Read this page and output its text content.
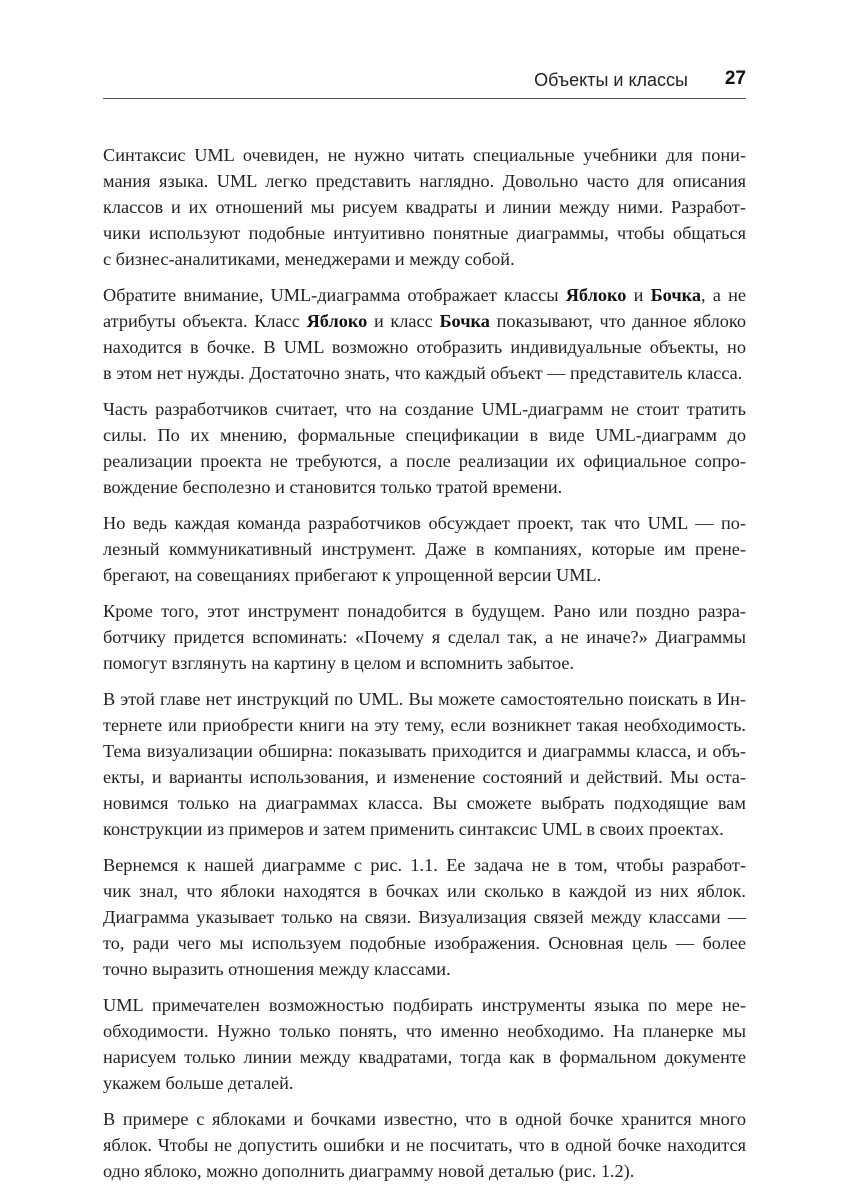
Объекты и классы 27
Синтаксис UML очевиден, не нужно читать специальные учебники для пони-
мания языка. UML легко представить наглядно. Довольно часто для описания
классов и их отношений мы рисуем квадраты и линии между ними. Разработ-
чики используют подобные интуитивно понятные диаграммы, чтобы общаться
с бизнес-аналитиками, менеджерами и между собой.
Обратите внимание, UML-диаграмма отображает классы Яблоко и Бочка, а не
атрибуты объекта. Класс Яблоко и класс Бочка показывают, что данное яблоко
находится в бочке. В UML возможно отобразить индивидуальные объекты, но
в этом нет нужды. Достаточно знать, что каждый объект — представитель класса.
Часть разработчиков считает, что на создание UML-диаграмм не стоит тратить
силы. По их мнению, формальные спецификации в виде UML-диаграмм до
реализации проекта не требуются, а после реализации их официальное сопро-
вождение бесполезно и становится только тратой времени.
Но ведь каждая команда разработчиков обсуждает проект, так что UML — по-
лезный коммуникативный инструмент. Даже в компаниях, которые им пренe-
брегают, на совещаниях прибегают к упрощенной версии UML.
Кроме того, этот инструмент понадобится в будущем. Рано или поздно разра-
ботчику придется вспоминать: «Почему я сделал так, а не иначе?» Диаграммы
помогут взглянуть на картину в целом и вспомнить забытое.
В этой главе нет инструкций по UML. Вы можете самостоятельно поискать в Ин-
тернете или приобрести книги на эту тему, если возникнет такая необходимость.
Тема визуализации обширна: показывать приходится и диаграммы класса, и объ-
екты, и варианты использования, и изменение состояний и действий. Мы оста-
новимся только на диаграммах класса. Вы сможете выбрать подходящие вам
конструкции из примеров и затем применить синтаксис UML в своих проектах.
Вернемся к нашей диаграмме с рис. 1.1. Ее задача не в том, чтобы разработ-
чик знал, что яблоки находятся в бочках или сколько в каждой из них яблок.
Диаграмма указывает только на связи. Визуализация связей между классами —
то, ради чего мы используем подобные изображения. Основная цель — более
точно выразить отношения между классами.
UML примечателен возможностью подбирать инструменты языка по мере не-
обходимости. Нужно только понять, что именно необходимо. На планерке мы
нарисуем только линии между квадратами, тогда как в формальном документе
укажем больше деталей.
В примере с яблоками и бочками известно, что в одной бочке хранится много
яблок. Чтобы не допустить ошибки и не посчитать, что в одной бочке находится
одно яблоко, можно дополнить диаграмму новой деталью (рис. 1.2).
